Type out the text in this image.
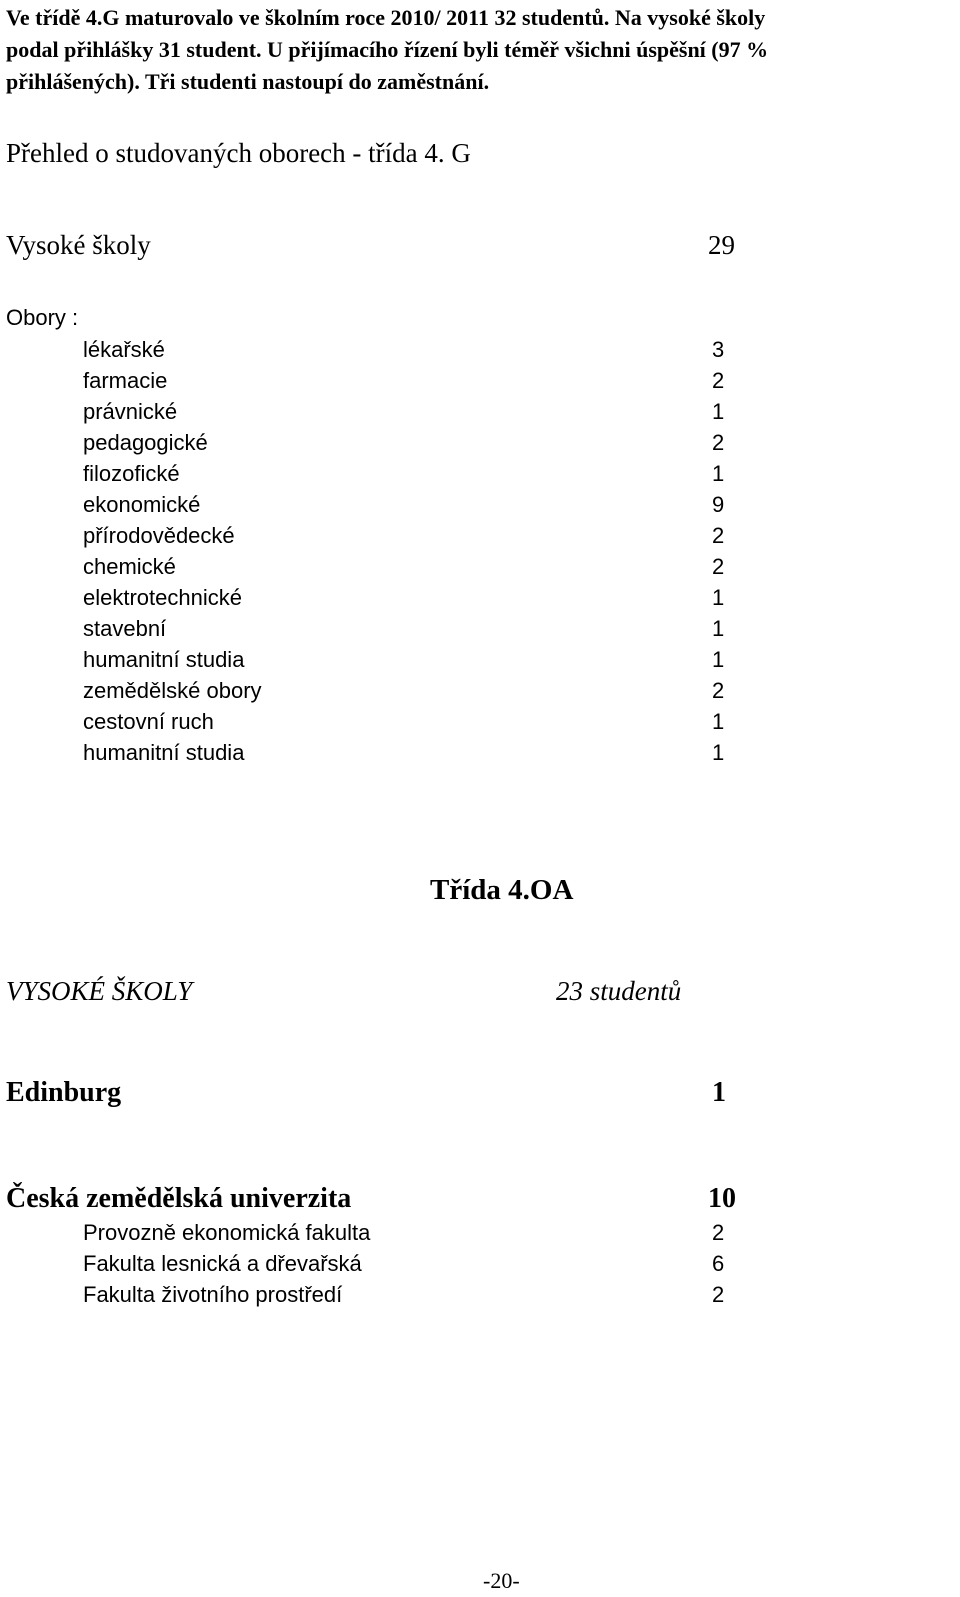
Ve třídě 4.G maturovalo ve školním roce 2010/ 2011 32 studentů. Na vysoké školy
podal přihlášky 31 student. U přijímacího řízení byli téměř všichni úspěšní (97 %
přihlášených). Tři studenti nastoupí do zaměstnání.
Přehled o studovaných oborech - třída 4. G
Vysoké školy	29
Obory :
lékařské	3
farmacie	2
právnické	1
pedagogické	2
filozofické	1
ekonomické	9
přírodovědecké	2
chemické	2
elektrotechnické	1
stavební	1
humanitní studia	1
zemědělské obory	2
cestovní ruch	1
humanitní studia	1
Třída 4.OA
VYSOKÉ ŠKOLY	23 studentů
Edinburg	1
Česká zemědělská univerzita	10
Provozně ekonomická fakulta	2
Fakulta lesnická a dřevařská	6
Fakulta životního prostředí	2
-20-
